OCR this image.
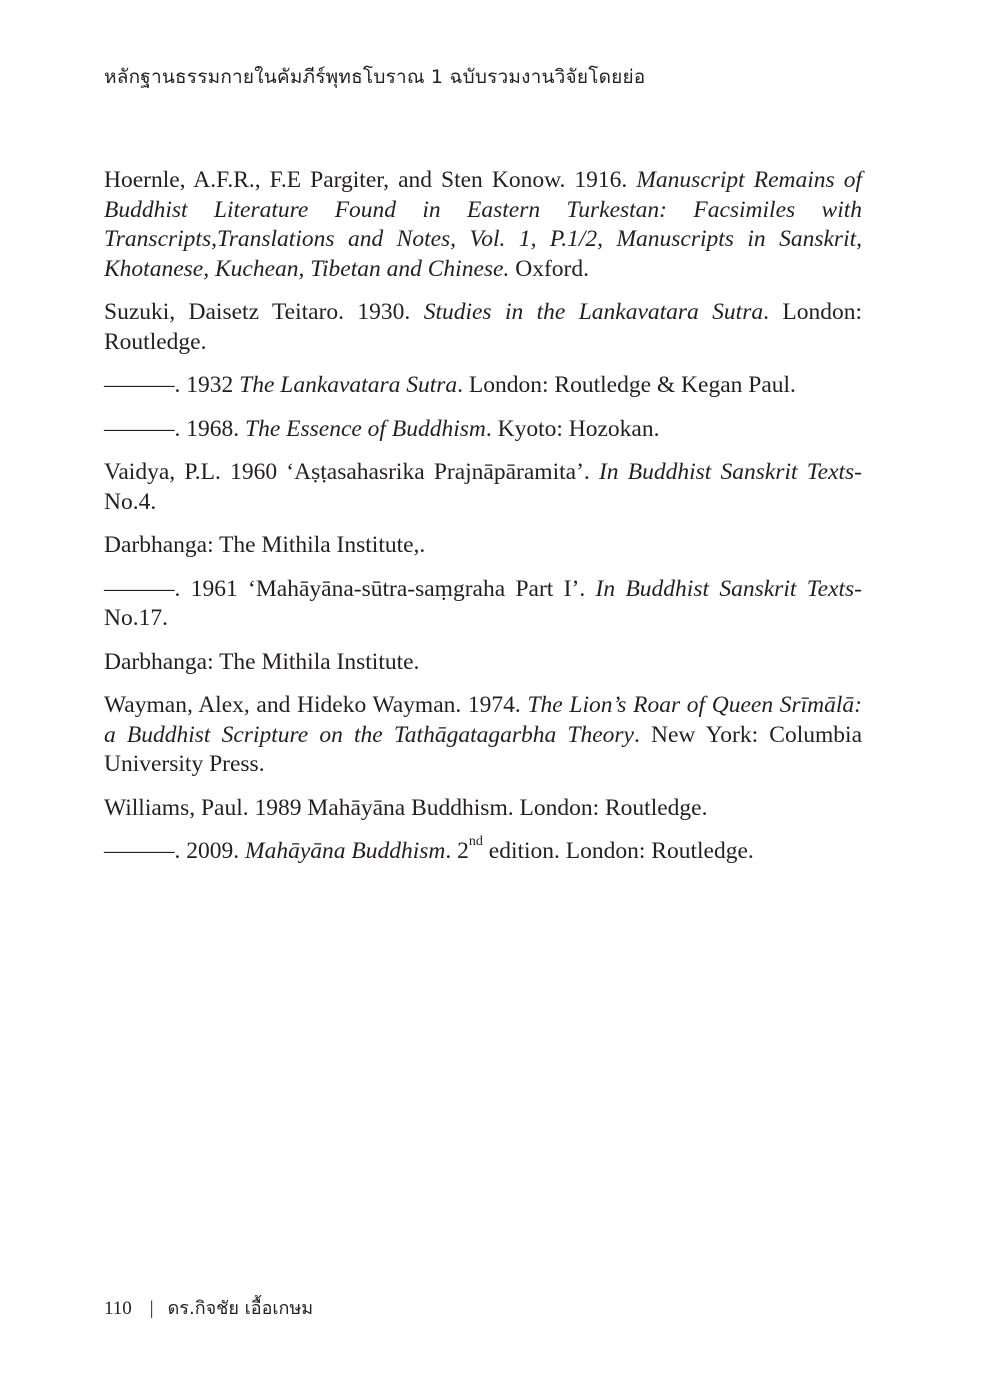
หลักฐานธรรมกายในคัมภีร์พุทธโบราณ 1 ฉบับรวมงานวิจัยโดยย่อ

Hoernle, A.F.R., F.E Pargiter, and Sten Konow. 1916. Manuscript Remains of Buddhist Literature Found in Eastern Turkestan: Facsimiles with Transcripts,Translations and Notes, Vol. 1, P.1/2, Manuscripts in Sanskrit, Khotanese, Kuchean, Tibetan and Chinese. Oxford.

Suzuki, Daisetz Teitaro. 1930. Studies in the Lankavatara Sutra. London: Routledge.

———. 1932 The Lankavatara Sutra. London: Routledge & Kegan Paul.

———. 1968. The Essence of Buddhism. Kyoto: Hozokan.

Vaidya, P.L. 1960 ‘Aṣṭasahasrika Prajnāpāramita’. In Buddhist Sanskrit Texts-No.4.

Darbhanga: The Mithila Institute,.

———. 1961 ‘Mahāyāna-sūtra-saṃgraha Part I’. In Buddhist Sanskrit Texts-No.17.

Darbhanga: The Mithila Institute.

Wayman, Alex, and Hideko Wayman. 1974. The Lion’s Roar of Queen Srīmālā: a Buddhist Scripture on the Tathāgatagarbha Theory. New York: Columbia University Press.

Williams, Paul. 1989 Mahāyāna Buddhism. London: Routledge.

———. 2009. Mahāyāna Buddhism. 2nd edition. London: Routledge.

110 | ดร.กิจชัย เอื้อเกษม
